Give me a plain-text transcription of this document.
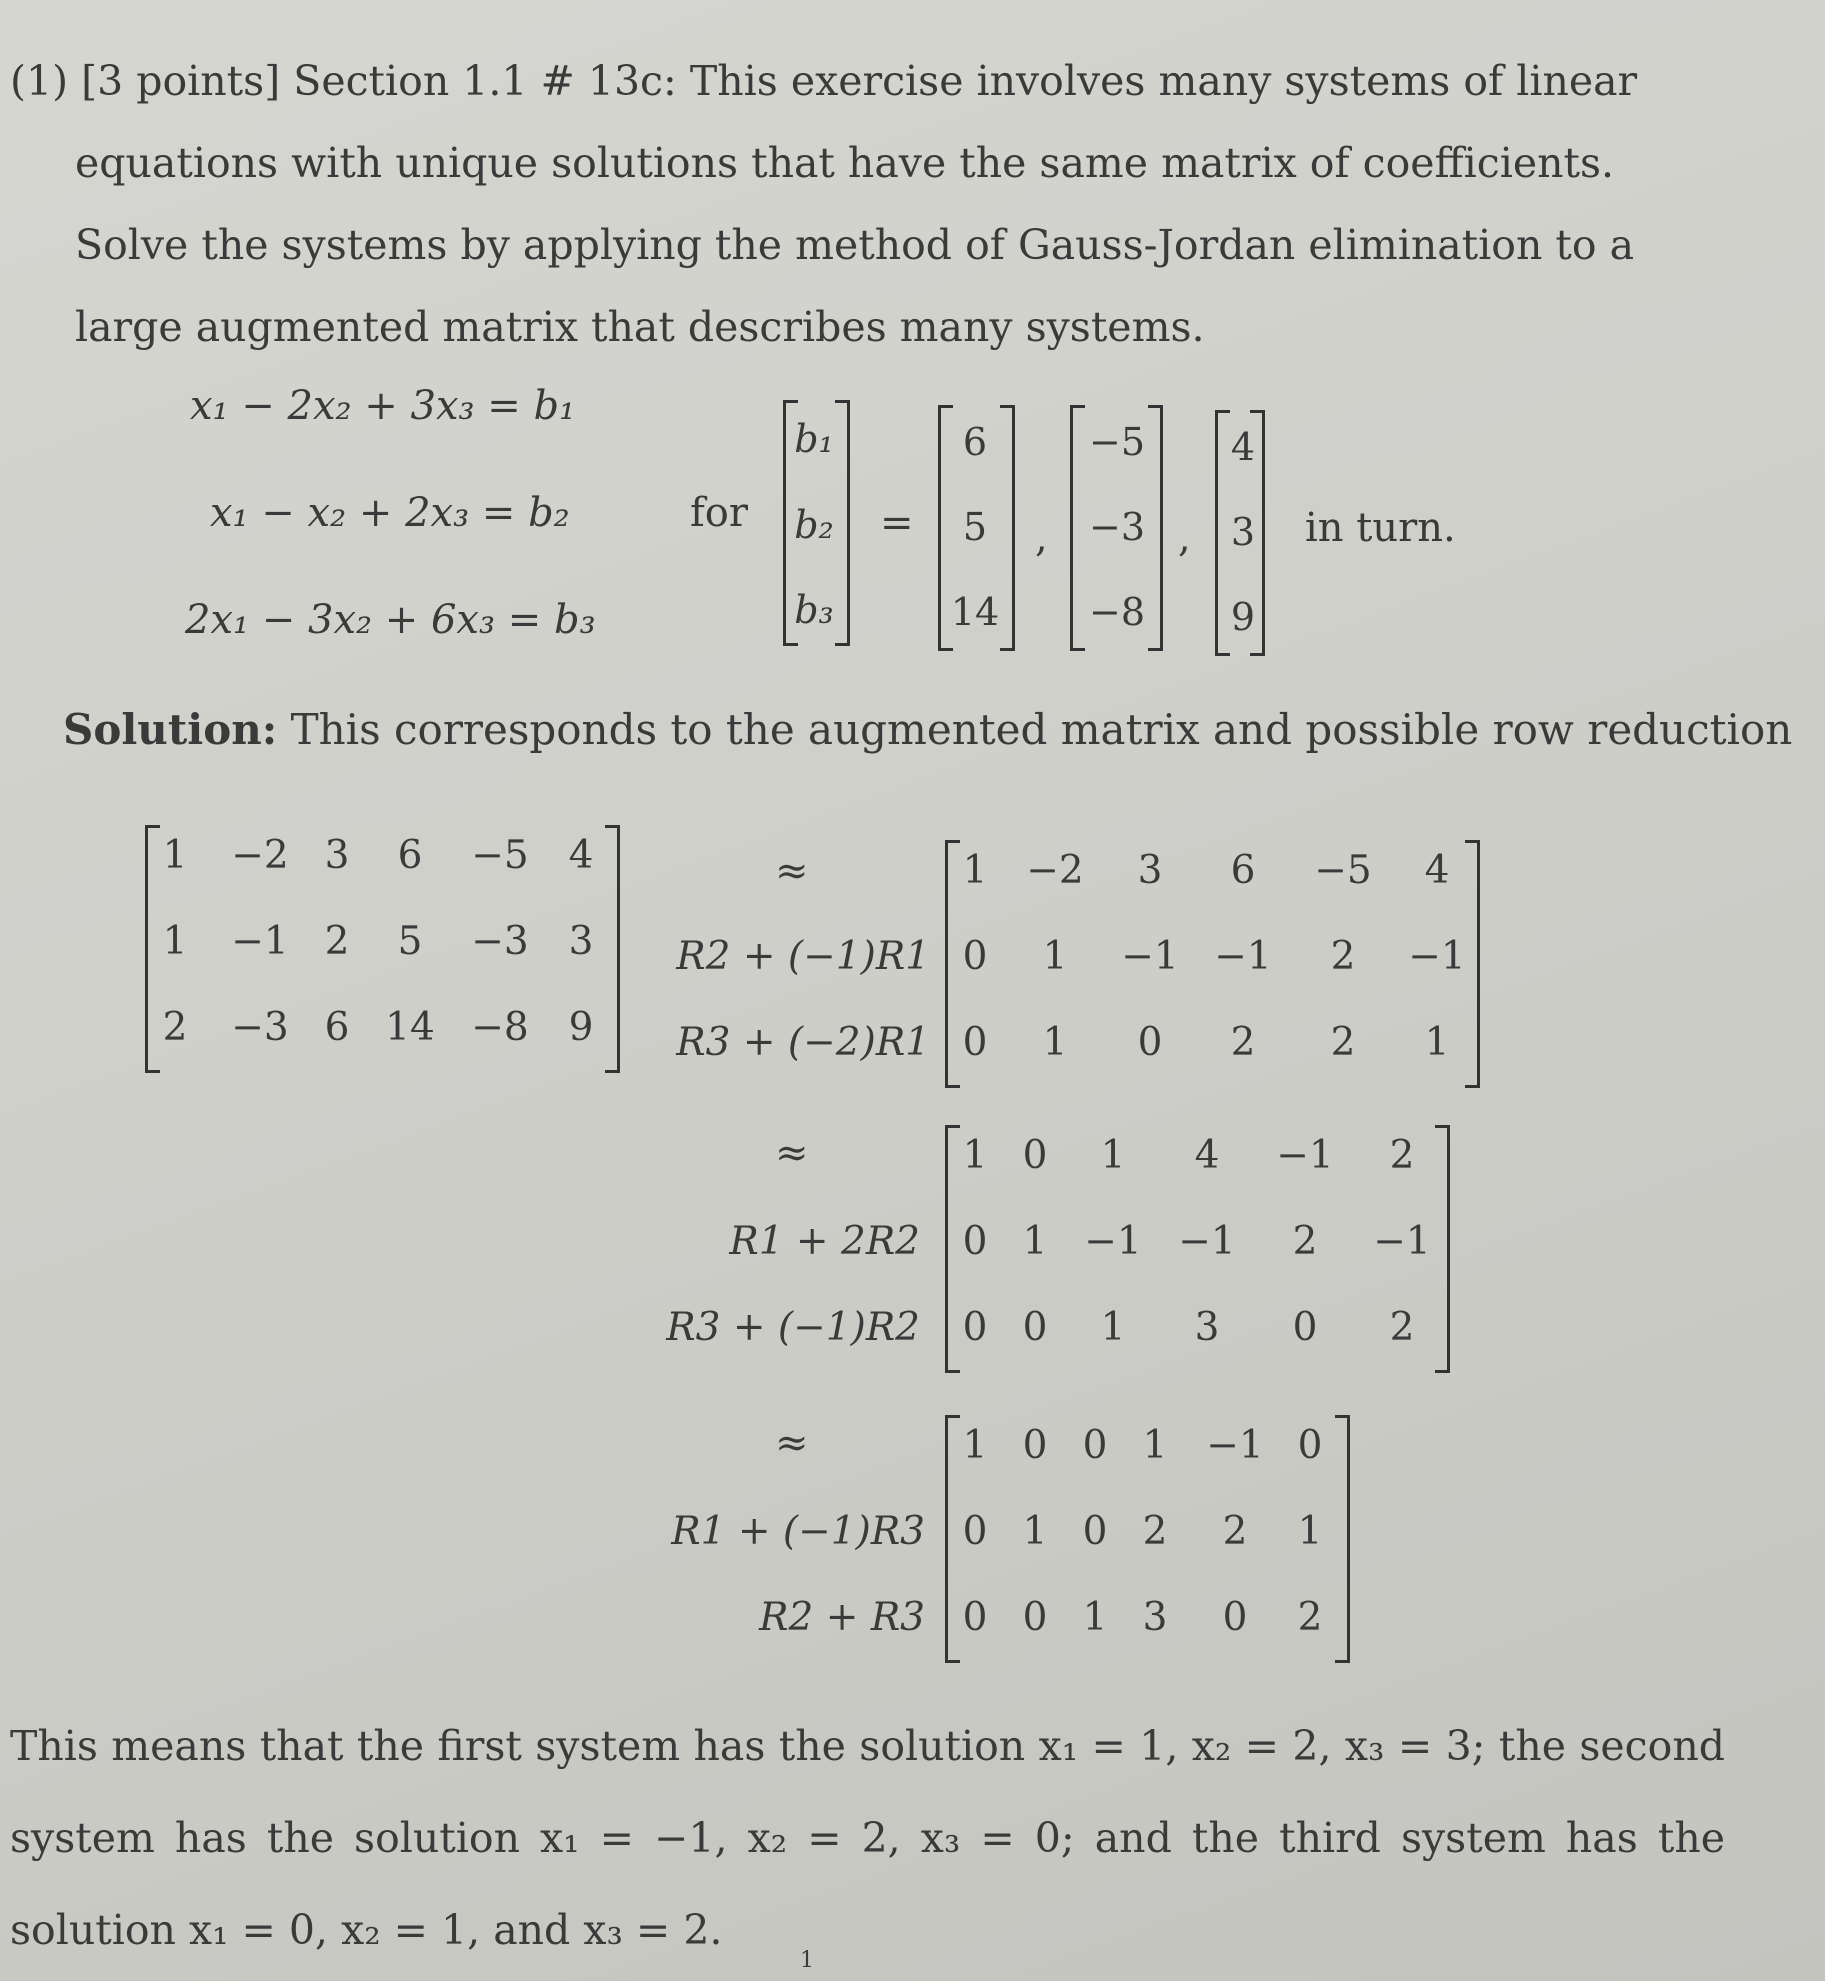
(1) [3 points] Section 1.1 # 13c: This exercise involves many systems of linear equations with unique solutions that have the same matrix of coefficients. Solve the systems by applying the method of Gauss-Jordan elimination to a large augmented matrix that describes many systems.

x₁ − 2x₂ + 3x₃ = b₁
x₁ − x₂ + 2x₃ = b₂
2x₁ − 3x₂ + 6x₃ = b₃
for
b₁
b₂
b₃
=
6
5
14
,
−5
−3
−8
,
4
3
9
in turn.
Solution: This corresponds to the augmented matrix and possible row reduction
1	−2 3	6	−5	4
1	−1 2	5	−3	3
2	−3 6 14 −8	9
≈
R2 + (−1)R1
R3 + (−2)R1
1 −2	3	6	−5	4
0	1	−1 −1	2	−1
0	1	0	2	2	1
≈
R1 + 2R2
R3 + (−1)R2
1 0	1	4	−1	2
0 1 −1 −1	2	−1
0 0	1	3	0	2
≈
R1 + (−1)R3
R2 + R3
1 0 0 1 −1 0
0 1 0 2	2	1
0 0 1 3	0	2

This means that the first system has the solution x₁ = 1, x₂ = 2, x₃ = 3; the second system has the solution x₁ = −1, x₂ = 2, x₃ = 0; and the third system has the solution x₁ = 0, x₂ = 1, and x₃ = 2.

1
